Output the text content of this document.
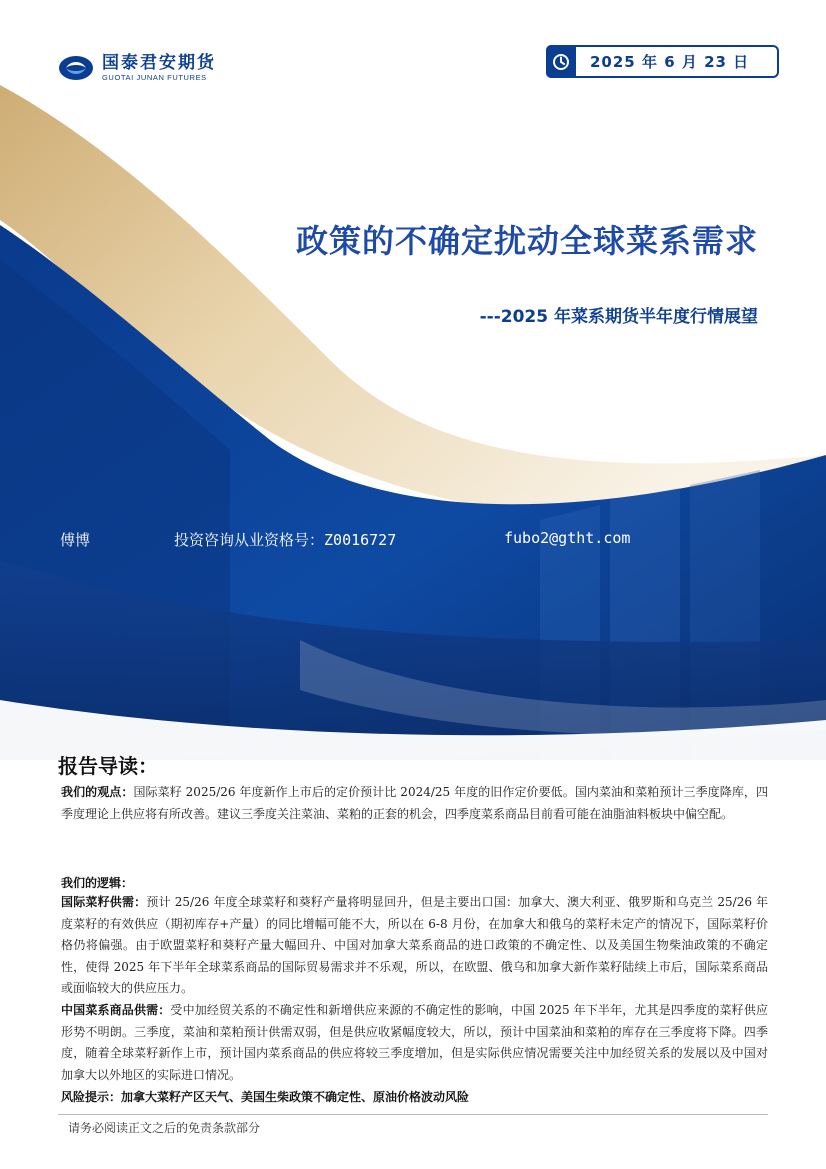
国泰君安期货
GUOTAI JUNAN FUTURES
2025 年 6 月 23 日
政策的不确定扰动全球菜系需求
---2025 年菜系期货半年度行情展望
傅博	投资咨询从业资格号：Z0016727	fubo2@gtht.com
报告导读：

我们的观点：国际菜籽 2025/26 年度新作上市后的定价预计比 2024/25 年度的旧作定价要低。国内菜油和菜粕预计三季度降库，四季度理论上供应将有所改善。建议三季度关注菜油、菜粕的正套的机会，四季度菜系商品目前看可能在油脂油料板块中偏空配。

我们的逻辑：

国际菜籽供需：预计 25/26 年度全球菜籽和葵籽产量将明显回升，但是主要出口国：加拿大、澳大利亚、俄罗斯和乌克兰 25/26 年度菜籽的有效供应（期初库存+产量）的同比增幅可能不大，所以在 6-8 月份，在加拿大和俄乌的菜籽未定产的情况下，国际菜籽价格仍将偏强。由于欧盟菜籽和葵籽产量大幅回升、中国对加拿大菜系商品的进口政策的不确定性、以及美国生物柴油政策的不确定性，使得 2025 年下半年全球菜系商品的国际贸易需求并不乐观，所以，在欧盟、俄乌和加拿大新作菜籽陆续上市后，国际菜系商品或面临较大的供应压力。

中国菜系商品供需：受中加经贸关系的不确定性和新增供应来源的不确定性的影响，中国 2025 年下半年，尤其是四季度的菜籽供应形势不明朗。三季度，菜油和菜粕预计供需双弱，但是供应收紧幅度较大，所以，预计中国菜油和菜粕的库存在三季度将下降。四季度，随着全球菜籽新作上市，预计国内菜系商品的供应将较三季度增加，但是实际供应情况需要关注中加经贸关系的发展以及中国对加拿大以外地区的实际进口情况。

风险提示：加拿大菜籽产区天气、美国生柴政策不确定性、原油价格波动风险

请务必阅读正文之后的免责条款部分
